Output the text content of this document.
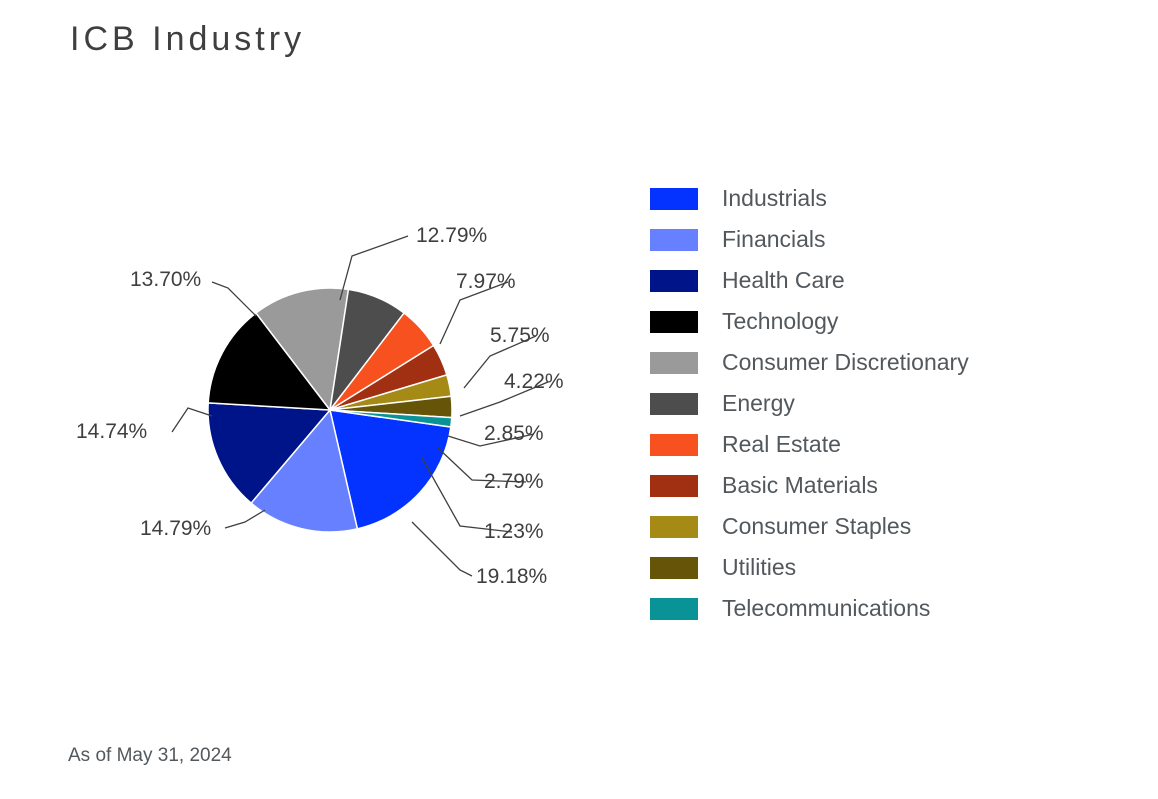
ICB Industry
19.18%
14.79%
14.74%
13.70%
12.79%
7.97%
5.75%
4.22%
2.85%
2.79%
1.23%
Industrials
Financials
Health Care
Technology
Consumer Discretionary
Energy
Real Estate
Basic Materials
Consumer Staples
Utilities
Telecommunications
As of May 31, 2024
